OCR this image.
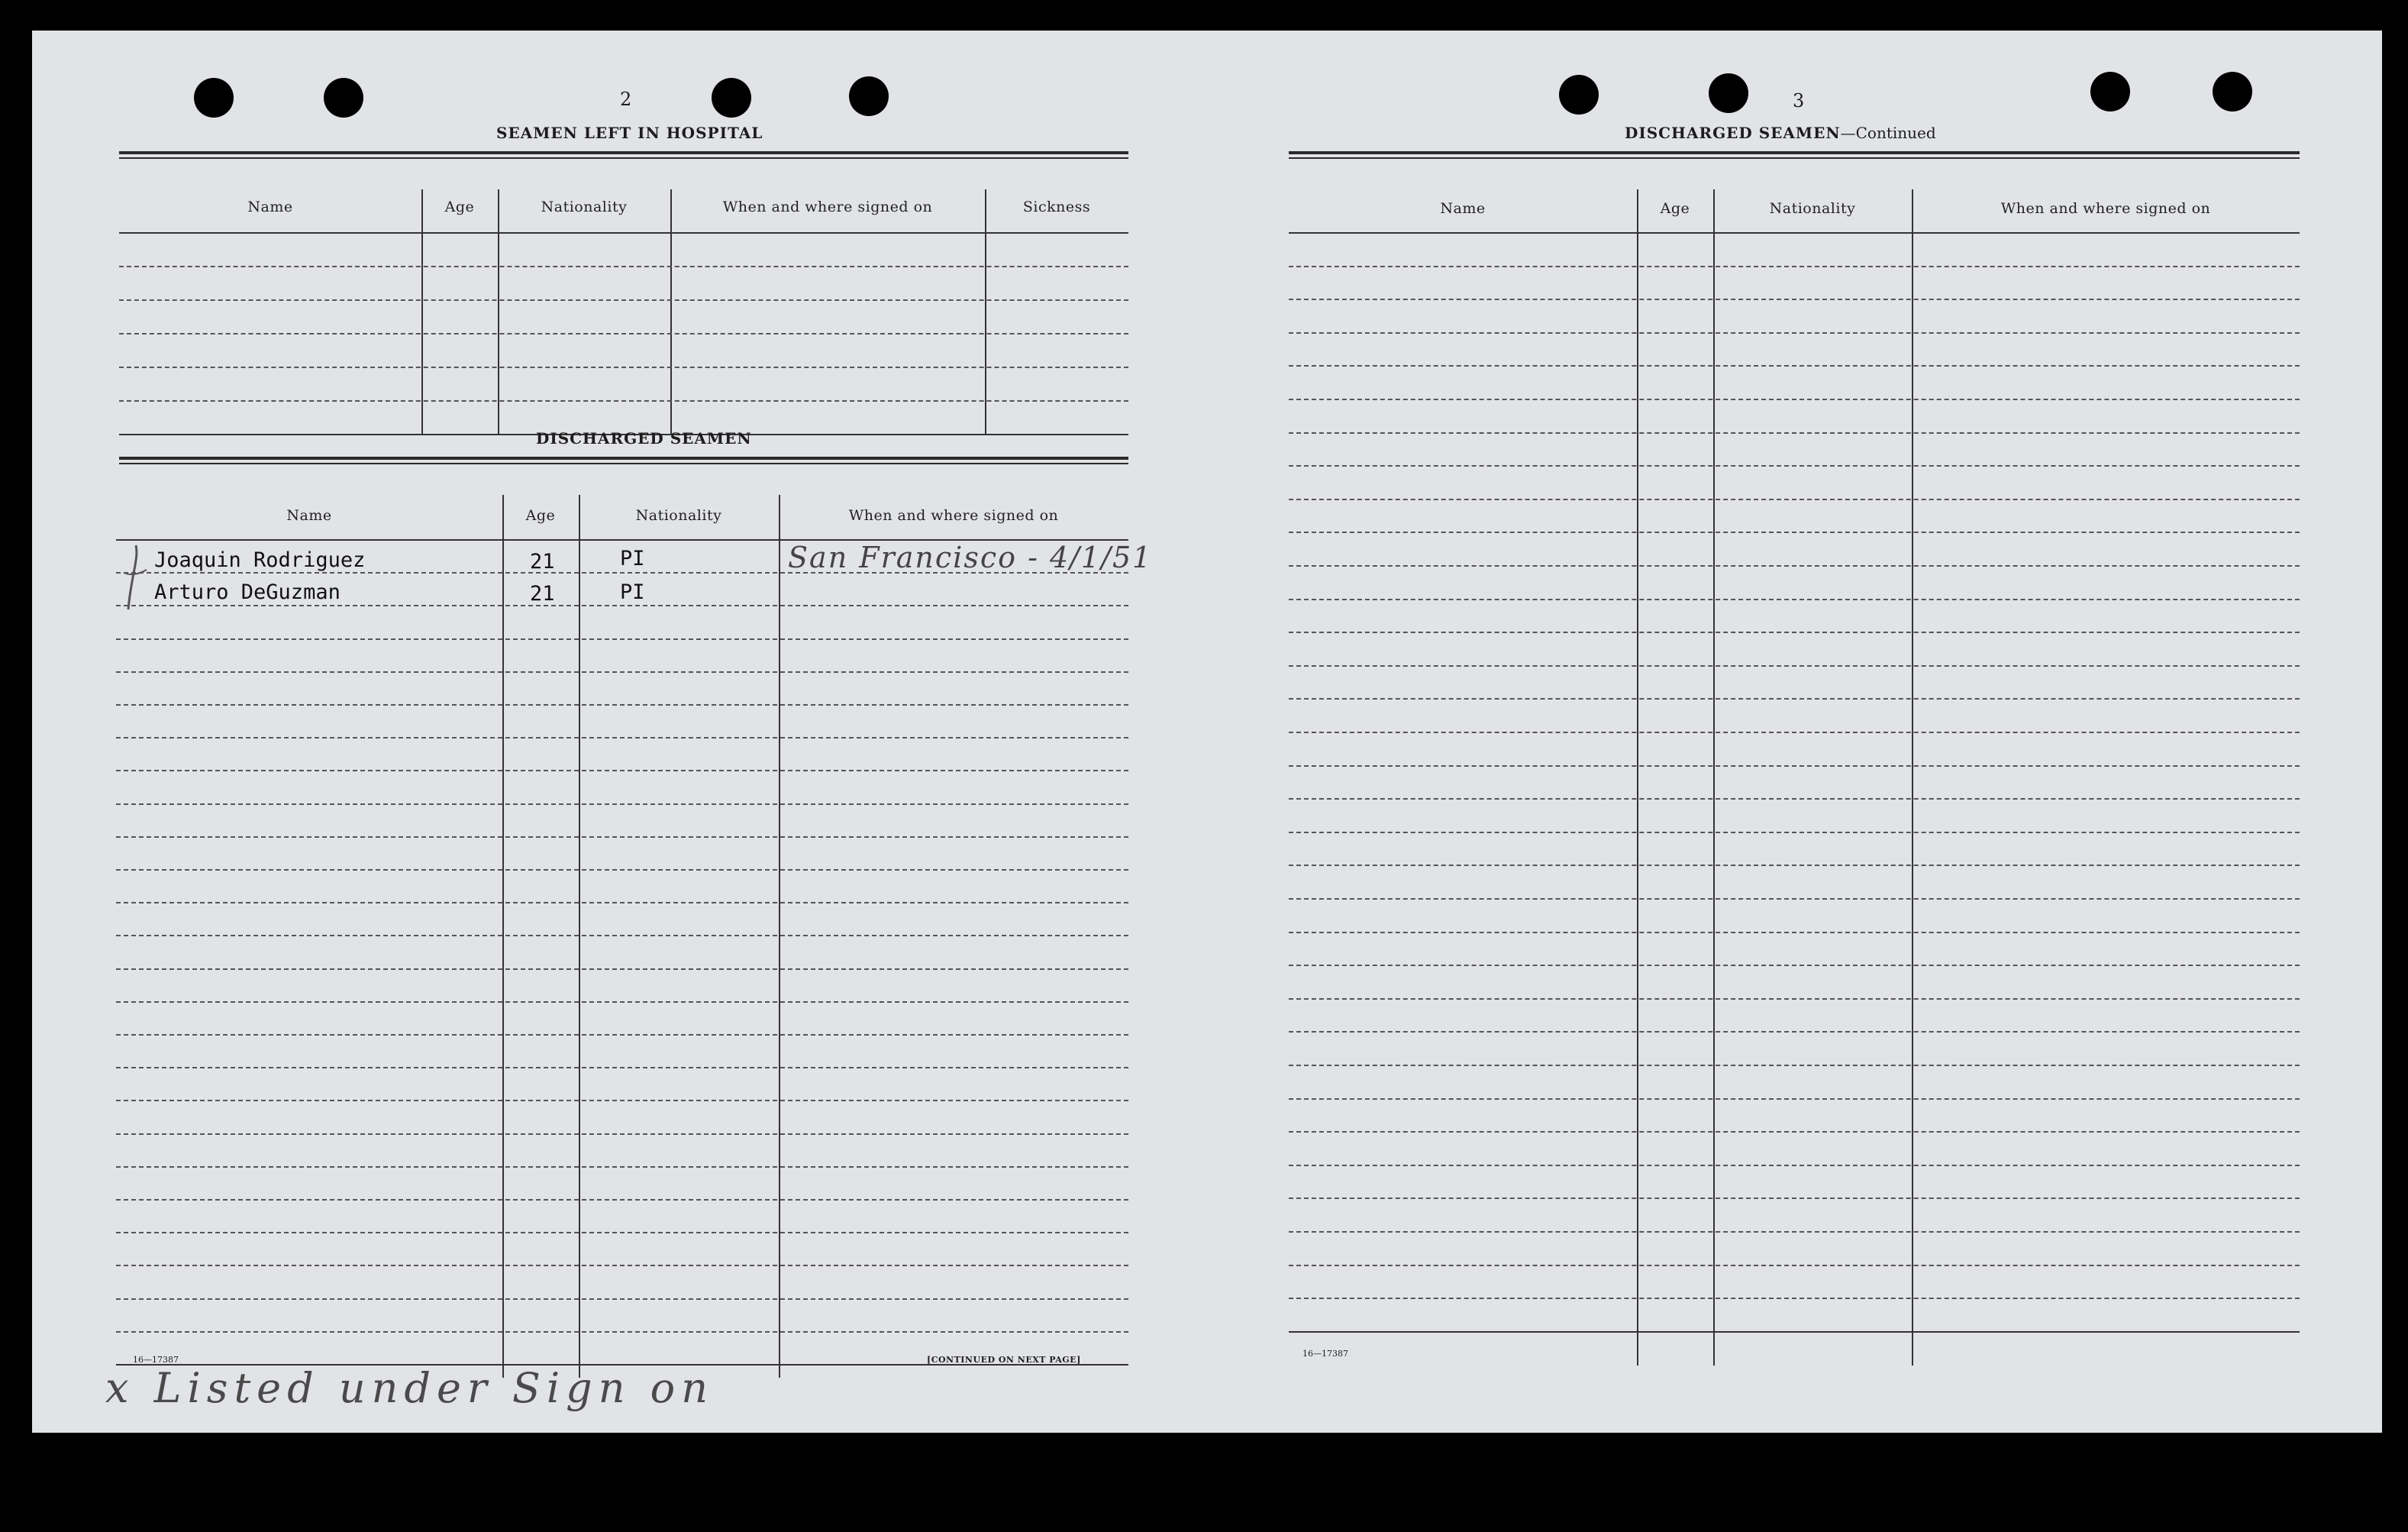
2
SEAMEN LEFT IN HOSPITAL
Name	Age	Nationality	When and where signed on	Sickness
DISCHARGED SEAMEN
Name	Age	Nationality	When and where signed on
Joaquin Rodriguez	21	PI	San Francisco - 4/1/51
Arturo DeGuzman	21	PI
16—17387	[CONTINUED ON NEXT PAGE]
x Listed under Sign on
3
DISCHARGED SEAMEN—Continued
Name	Age	Nationality	When and where signed on
16—17387
